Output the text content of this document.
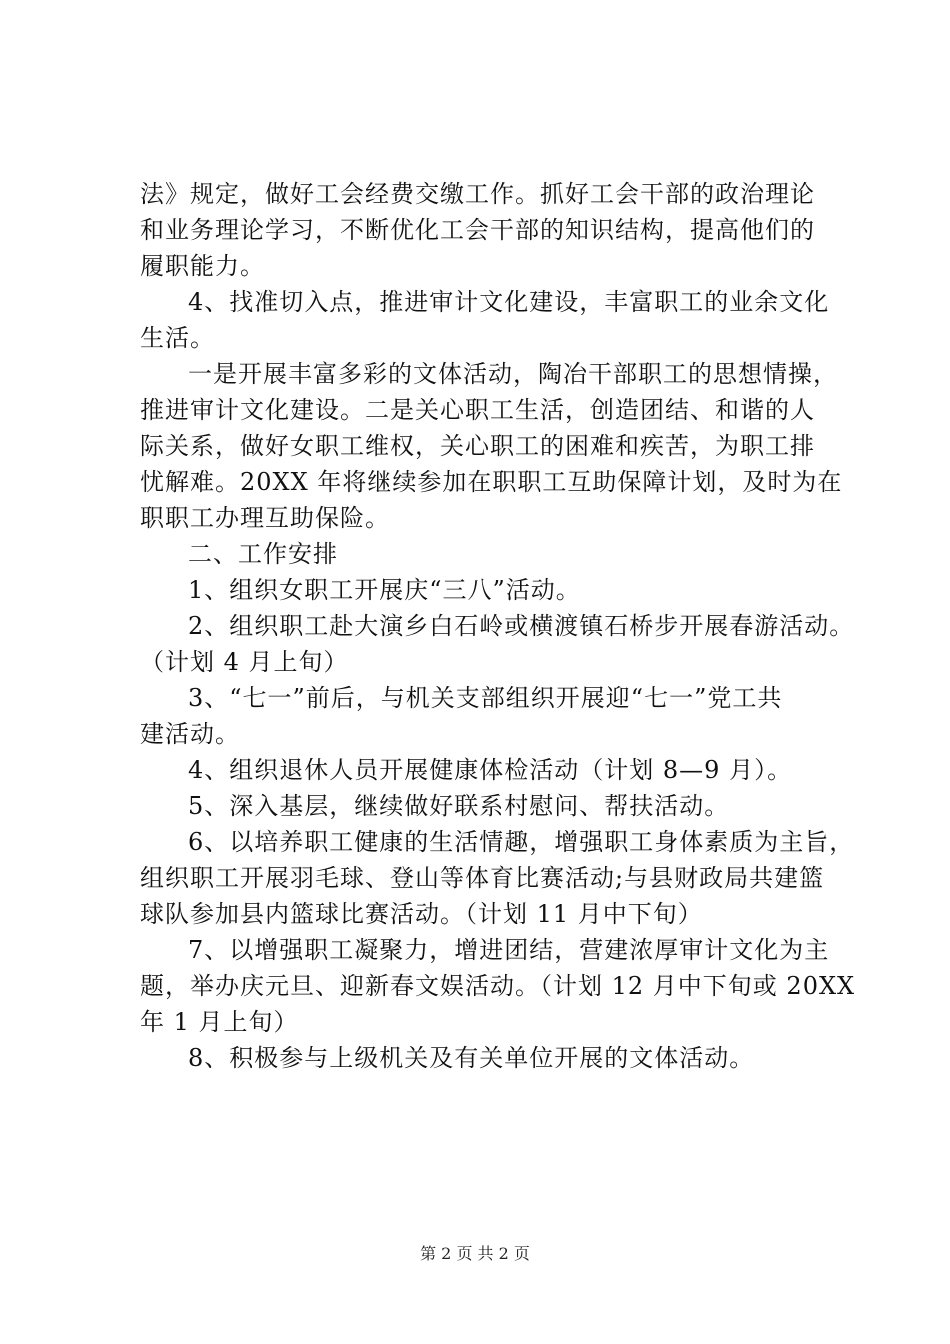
法》规定，做好工会经费交缴工作。抓好工会干部的政治理论
和业务理论学习，不断优化工会干部的知识结构，提高他们的
履职能力。
4、找准切入点，推进审计文化建设，丰富职工的业余文化
生活。
一是开展丰富多彩的文体活动，陶冶干部职工的思想情操，
推进审计文化建设。二是关心职工生活，创造团结、和谐的人
际关系，做好女职工维权，关心职工的困难和疾苦，为职工排
忧解难。20XX 年将继续参加在职职工互助保障计划，及时为在
职职工办理互助保险。
二、工作安排
1、组织女职工开展庆“三八”活动。
2、组织职工赴大演乡白石岭或横渡镇石桥步开展春游活动。
（计划 4 月上旬）
3、“七一”前后，与机关支部组织开展迎“七一”党工共
建活动。
4、组织退休人员开展健康体检活动（计划 8—9 月）。
5、深入基层，继续做好联系村慰问、帮扶活动。
6、以培养职工健康的生活情趣，增强职工身体素质为主旨，
组织职工开展羽毛球、登山等体育比赛活动;与县财政局共建篮
球队参加县内篮球比赛活动。（计划 11 月中下旬）
7、以增强职工凝聚力，增进团结，营建浓厚审计文化为主
题，举办庆元旦、迎新春文娱活动。（计划 12 月中下旬或 20XX
年 1 月上旬）
8、积极参与上级机关及有关单位开展的文体活动。
第 2 页 共 2 页
